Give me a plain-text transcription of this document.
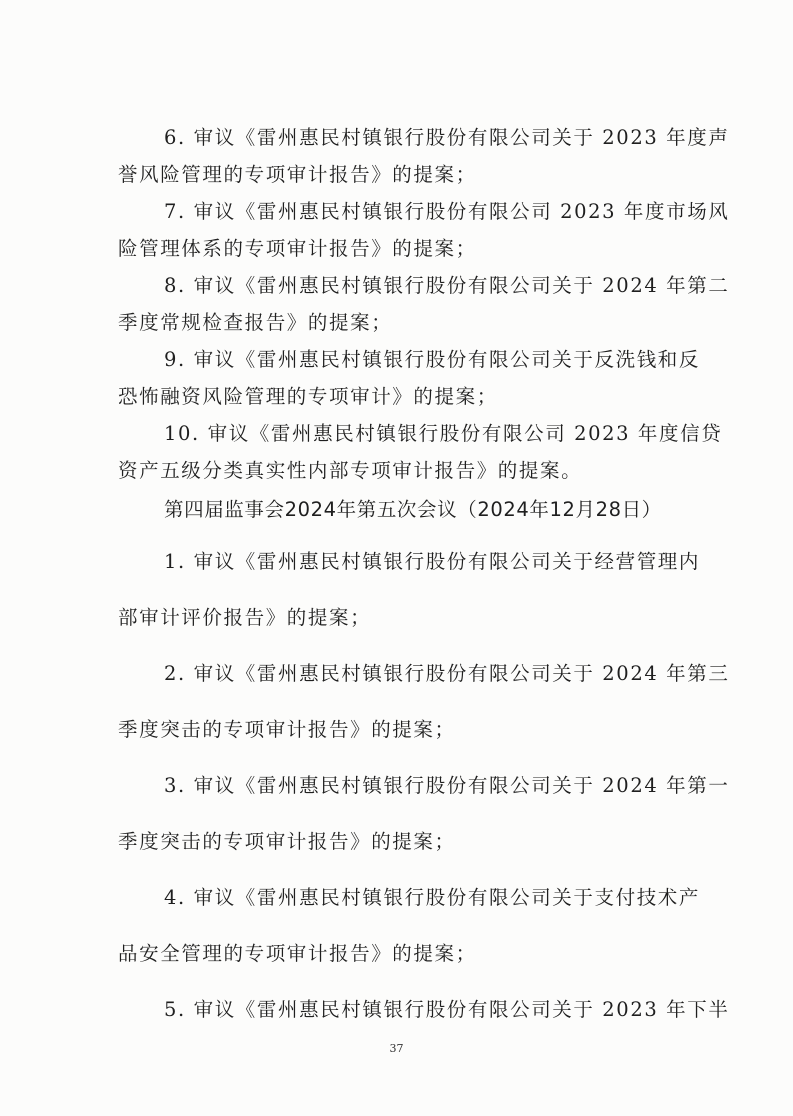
6. 审议《雷州惠民村镇银行股份有限公司关于 2023 年度声
誉风险管理的专项审计报告》的提案；
7. 审议《雷州惠民村镇银行股份有限公司 2023 年度市场风
险管理体系的专项审计报告》的提案；
8. 审议《雷州惠民村镇银行股份有限公司关于 2024 年第二
季度常规检查报告》的提案；
9. 审议《雷州惠民村镇银行股份有限公司关于反洗钱和反
恐怖融资风险管理的专项审计》的提案；
10. 审议《雷州惠民村镇银行股份有限公司 2023 年度信贷
资产五级分类真实性内部专项审计报告》的提案。
第四届监事会2024年第五次会议（2024年12月28日）
1. 审议《雷州惠民村镇银行股份有限公司关于经营管理内
部审计评价报告》的提案；
2. 审议《雷州惠民村镇银行股份有限公司关于 2024 年第三
季度突击的专项审计报告》的提案；
3. 审议《雷州惠民村镇银行股份有限公司关于 2024 年第一
季度突击的专项审计报告》的提案；
4. 审议《雷州惠民村镇银行股份有限公司关于支付技术产
品安全管理的专项审计报告》的提案；
5. 审议《雷州惠民村镇银行股份有限公司关于 2023 年下半
37
